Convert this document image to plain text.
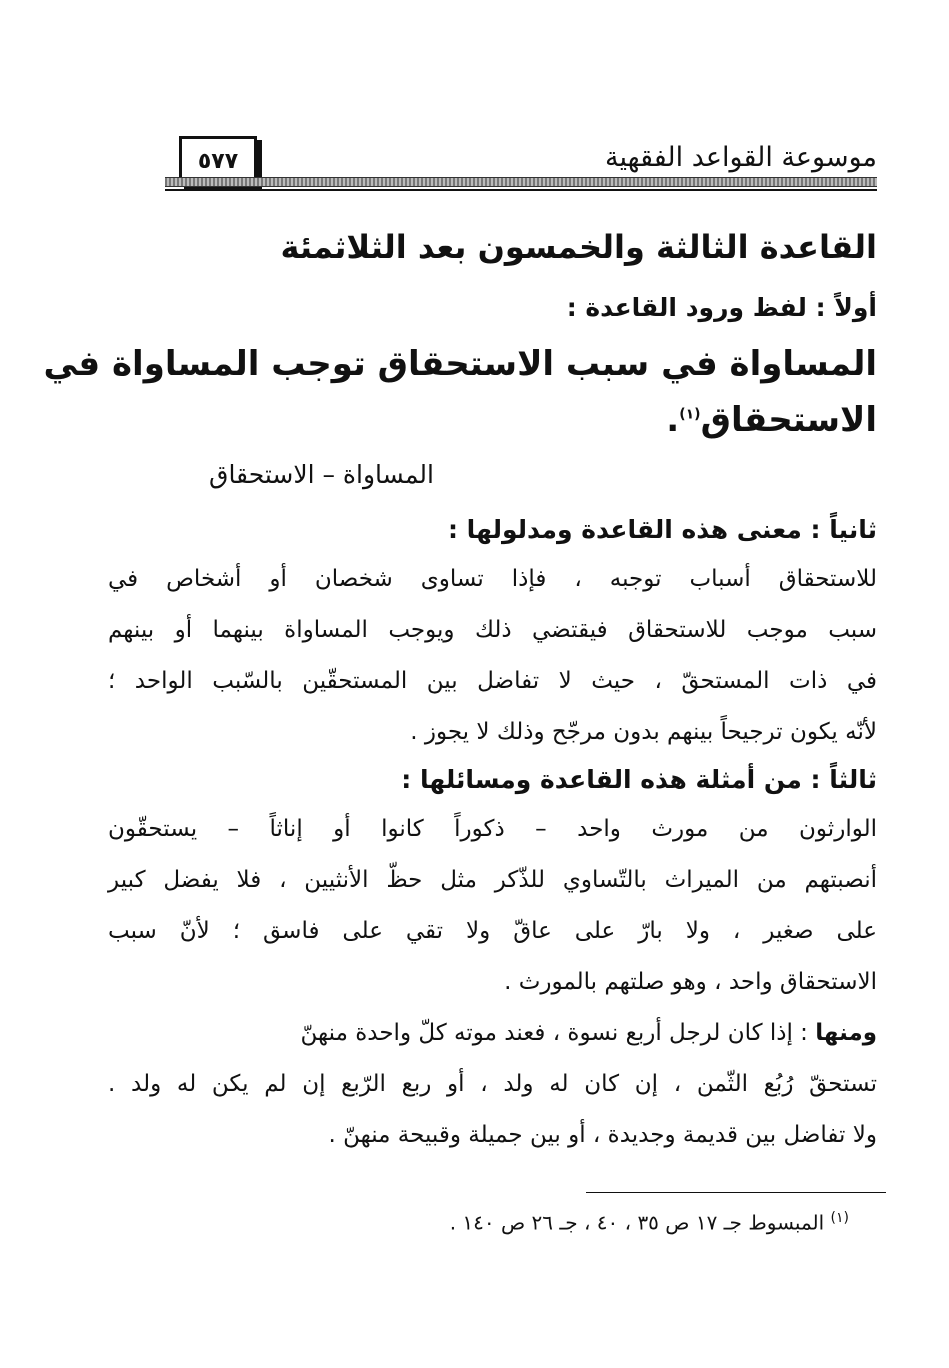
موسوعة القواعد الفقهية
٥٧٧
القاعدة الثالثة والخمسون بعد الثلاثمئة
أولاً : لفظ ورود القاعدة :
المساواة في سبب الاستحقاق توجب المساواة في
الاستحقاق$^{(١)}$.
المساواة – الاستحقاق
ثانياً : معنى هذه القاعدة ومدلولها :
للاستحقاق أسباب توجبه ، فإذا تساوى شخصان أو أشخاص في
سبب موجب للاستحقاق فيقتضي ذلك ويوجب المساواة بينهما أو بينهم
في ذات المستحقّ ، حيث لا تفاضل بين المستحقّين بالسّبب الواحد ؛
لأنّه يكون ترجيحاً بينهم بدون مرجّح وذلك لا يجوز .
ثالثاً : من أمثلة هذه القاعدة ومسائلها :
الوارثون من مورث واحد – ذكوراً كانوا أو إناثاً – يستحقّون
أنصبتهم من الميراث بالتّساوي للذّكر مثل حظّ الأنثيين ، فلا يفضل كبير
على صغير ، ولا بارّ على عاقّ ولا تقي على فاسق ؛ لأنّ سبب
الاستحقاق واحد ، وهو صلتهم بالمورث .
ومنها : إذا كان لرجل أربع نسوة ، فعند موته كلّ واحدة منهنّ
تستحقّ رُبُع الثّمن ، إن كان له ولد ، أو ربع الرّبع إن لم يكن له ولد .
ولا تفاضل بين قديمة وجديدة ، أو بين جميلة وقبيحة منهنّ .
$^{(١)}$ المبسوط جـ ١٧ ص ٣٥ ، ٤٠ ، جـ ٢٦ ص ١٤٠ .
